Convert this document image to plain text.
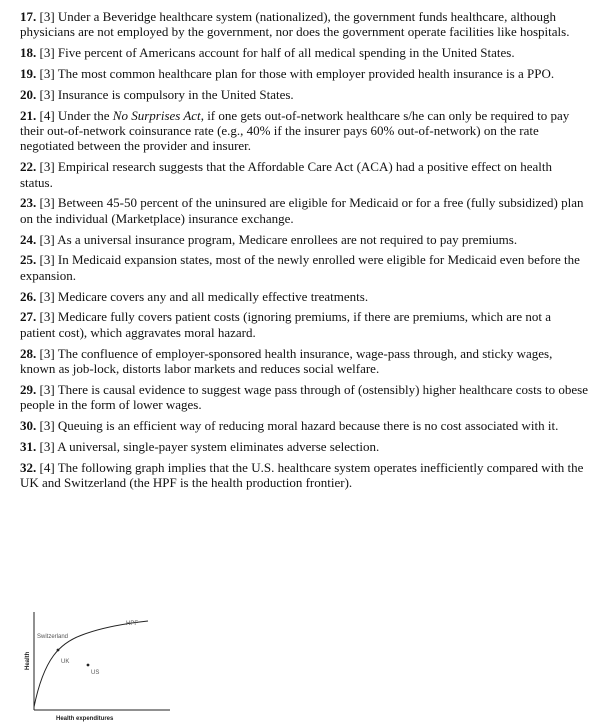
17. [3] Under a Beveridge healthcare system (nationalized), the government funds healthcare, although physicians are not employed by the government, nor does the government operate facilities like hospitals.

18. [3] Five percent of Americans account for half of all medical spending in the United States.

19. [3] The most common healthcare plan for those with employer provided health insurance is a PPO.

20. [3] Insurance is compulsory in the United States.

21. [4] Under the No Surprises Act, if one gets out-of-network healthcare s/he can only be required to pay their out-of-network coinsurance rate (e.g., 40% if the insurer pays 60% out-of-network) on the rate negotiated between the provider and insurer.

22. [3] Empirical research suggests that the Affordable Care Act (ACA) had a positive effect on health status.

23. [3] Between 45-50 percent of the uninsured are eligible for Medicaid or for a free (fully subsidized) plan on the individual (Marketplace) insurance exchange.

24. [3] As a universal insurance program, Medicare enrollees are not required to pay premiums.

25. [3] In Medicaid expansion states, most of the newly enrolled were eligible for Medicaid even before the expansion.

26. [3] Medicare covers any and all medically effective treatments.

27. [3] Medicare fully covers patient costs (ignoring premiums, if there are premiums, which are not a patient cost), which aggravates moral hazard.

28. [3] The confluence of employer-sponsored health insurance, wage-pass through, and sticky wages, known as job-lock, distorts labor markets and reduces social welfare.

29. [3] There is causal evidence to suggest wage pass through of (ostensibly) higher healthcare costs to obese people in the form of lower wages.

30. [3] Queuing is an efficient way of reducing moral hazard because there is no cost associated with it.

31. [3] A universal, single-payer system eliminates adverse selection.

32. [4] The following graph implies that the U.S. healthcare system operates inefficiently compared with the UK and Switzerland (the HPF is the health production frontier).

HPF
UK
US
Switzerland
Health
Health expenditures
